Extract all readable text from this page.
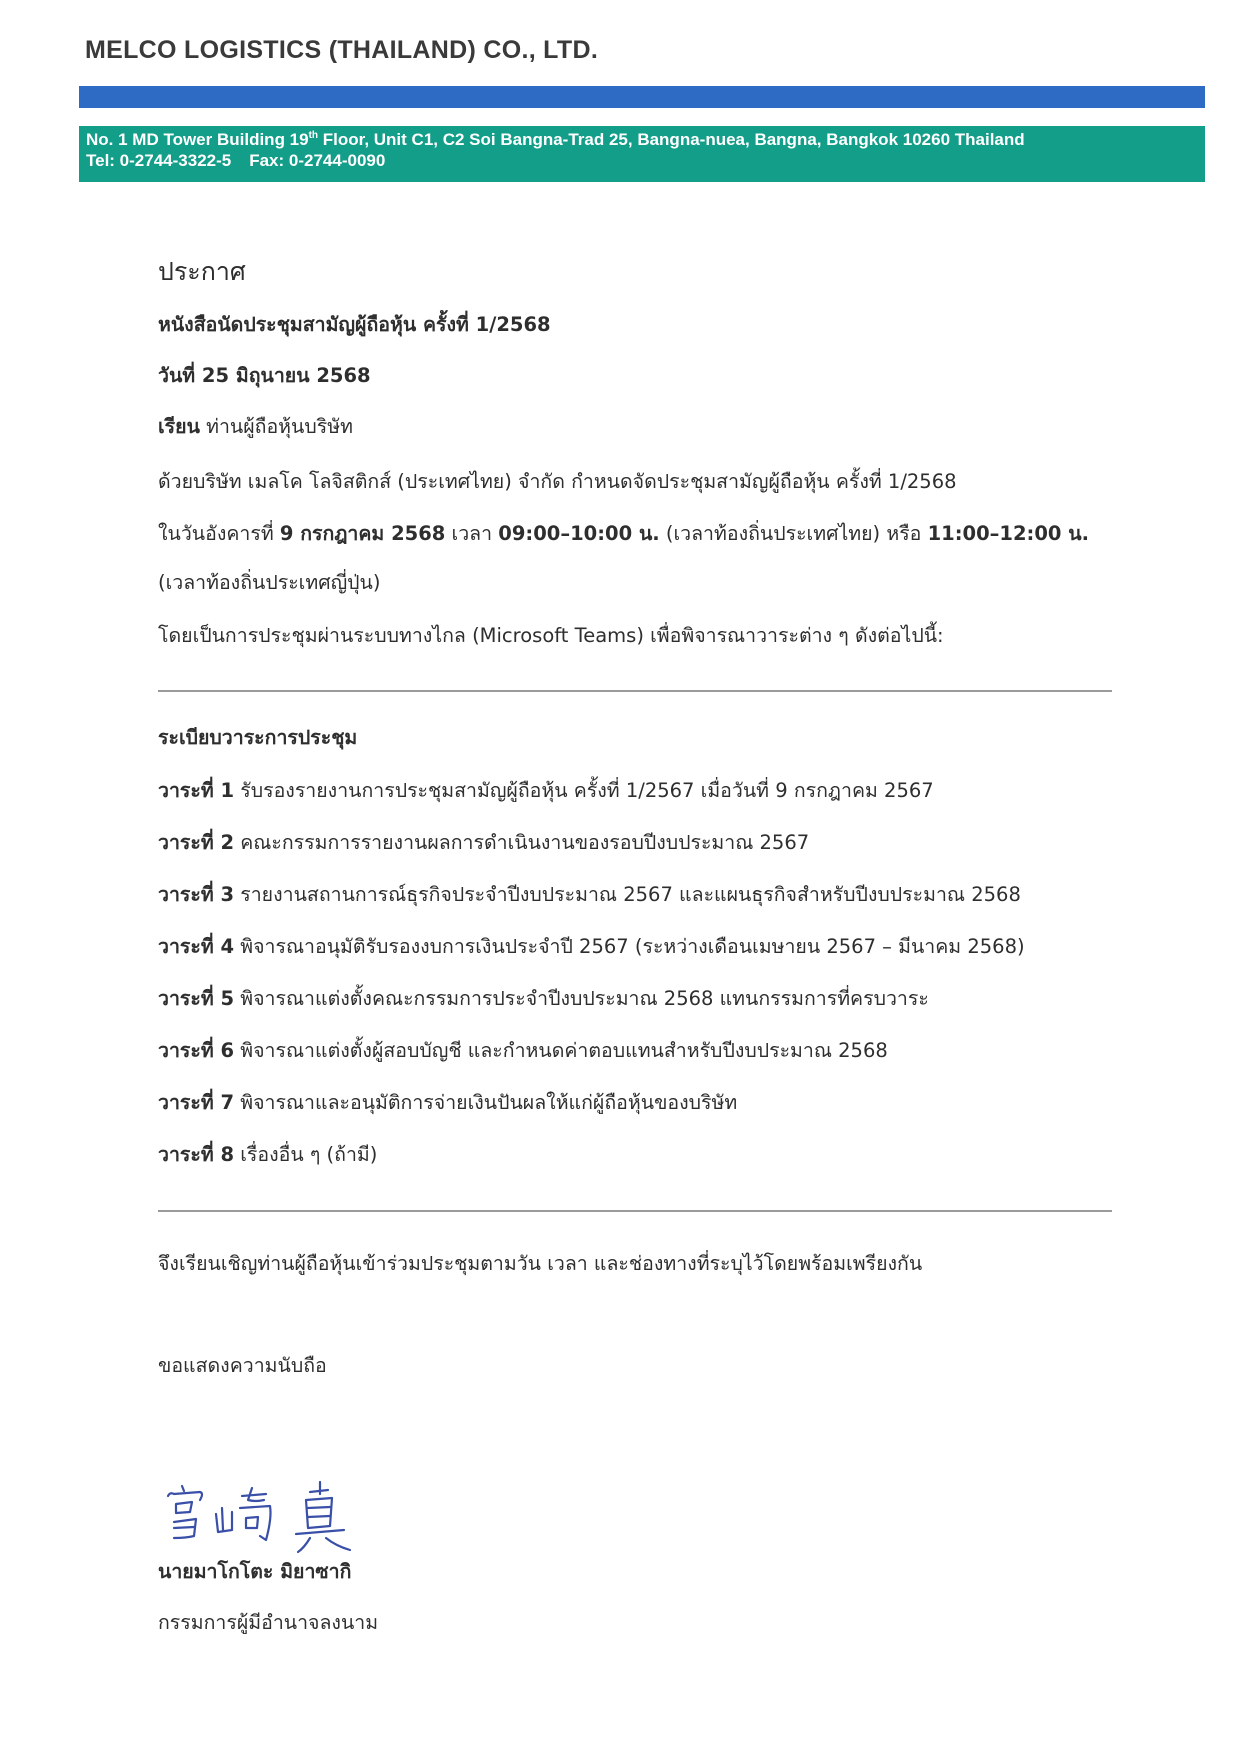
MELCO LOGISTICS (THAILAND) CO., LTD.
No. 1 MD Tower Building 19th Floor, Unit C1, C2 Soi Bangna-Trad 25, Bangna-nuea, Bangna, Bangkok 10260 Thailand
Tel: 0-2744-3322-5 Fax: 0-2744-0090
ประกาศ
หนังสือนัดประชุมสามัญผู้ถือหุ้น ครั้งที่ 1/2568
วันที่ 25 มิถุนายน 2568
เรียน ท่านผู้ถือหุ้นบริษัท
ด้วยบริษัท เมลโค โลจิสติกส์ (ประเทศไทย) จำกัด กำหนดจัดประชุมสามัญผู้ถือหุ้น ครั้งที่ 1/2568
ในวันอังคารที่ 9 กรกฎาคม 2568 เวลา 09:00–10:00 น. (เวลาท้องถิ่นประเทศไทย) หรือ 11:00–12:00 น.
(เวลาท้องถิ่นประเทศญี่ปุ่น)
โดยเป็นการประชุมผ่านระบบทางไกล (Microsoft Teams) เพื่อพิจารณาวาระต่าง ๆ ดังต่อไปนี้:
ระเบียบวาระการประชุม
วาระที่ 1 รับรองรายงานการประชุมสามัญผู้ถือหุ้น ครั้งที่ 1/2567 เมื่อวันที่ 9 กรกฎาคม 2567
วาระที่ 2 คณะกรรมการรายงานผลการดำเนินงานของรอบปีงบประมาณ 2567
วาระที่ 3 รายงานสถานการณ์ธุรกิจประจำปีงบประมาณ 2567 และแผนธุรกิจสำหรับปีงบประมาณ 2568
วาระที่ 4 พิจารณาอนุมัติรับรองงบการเงินประจำปี 2567 (ระหว่างเดือนเมษายน 2567 – มีนาคม 2568)
วาระที่ 5 พิจารณาแต่งตั้งคณะกรรมการประจำปีงบประมาณ 2568 แทนกรรมการที่ครบวาระ
วาระที่ 6 พิจารณาแต่งตั้งผู้สอบบัญชี และกำหนดค่าตอบแทนสำหรับปีงบประมาณ 2568
วาระที่ 7 พิจารณาและอนุมัติการจ่ายเงินปันผลให้แก่ผู้ถือหุ้นของบริษัท
วาระที่ 8 เรื่องอื่น ๆ (ถ้ามี)
จึงเรียนเชิญท่านผู้ถือหุ้นเข้าร่วมประชุมตามวัน เวลา และช่องทางที่ระบุไว้โดยพร้อมเพรียงกัน
ขอแสดงความนับถือ
นายมาโกโตะ มิยาซากิ
กรรมการผู้มีอำนาจลงนาม
